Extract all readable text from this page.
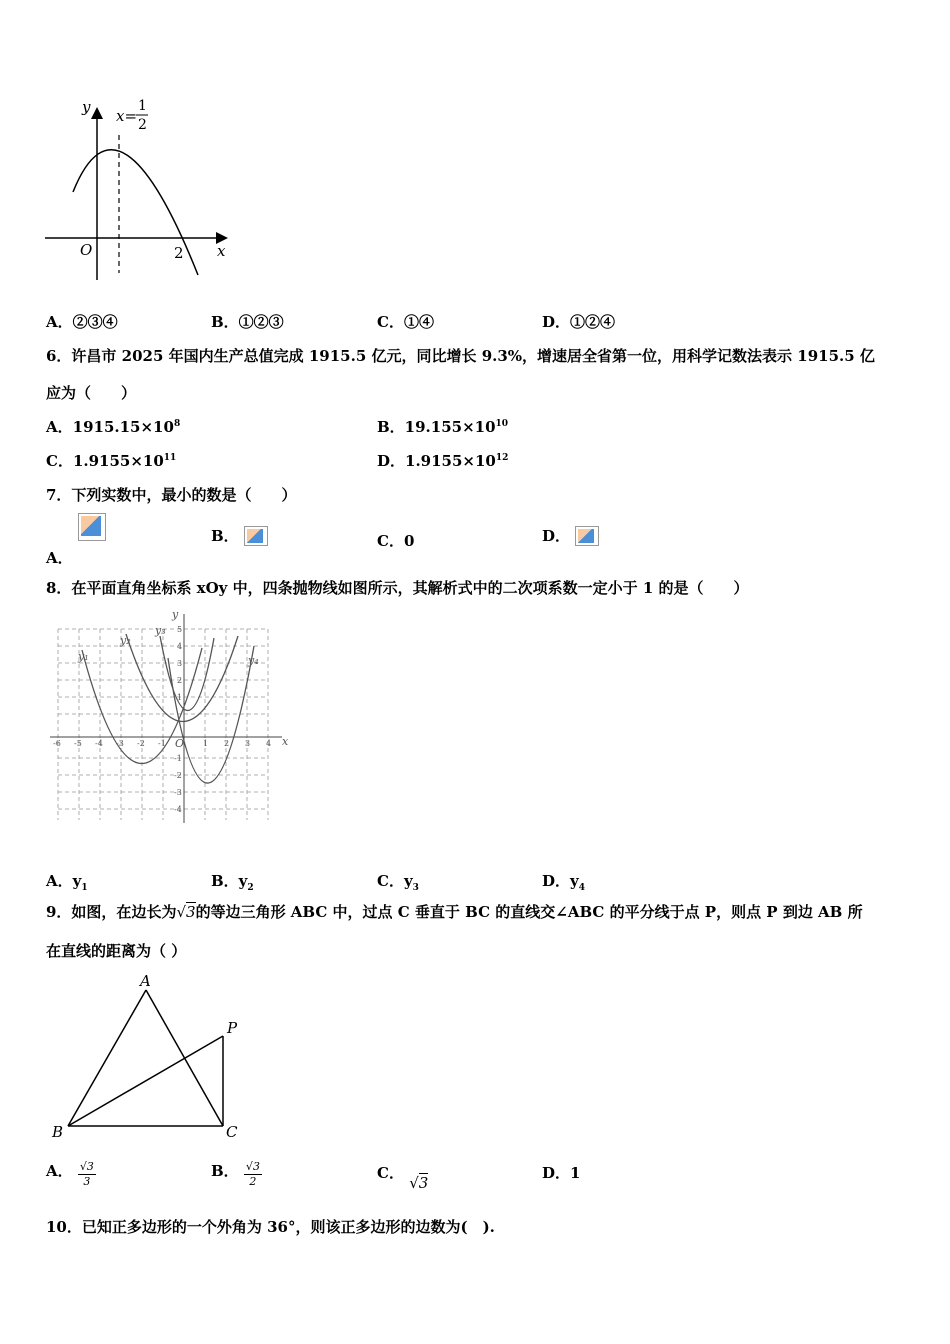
y
x
O	2
x=
1
2
A．②③④	B．①②③	C．①④	D．①②④
6．许昌市 2025 年国内生产总值完成 1915.5 亿元，同比增长 9.3%，增速居全省第一位，用科学记数法表示 1915.5 亿
应为（　　）
A．$1915.15\times 10^8$	B．$19.155\times 10^{10}$
C．$1.9155\times 10^{11}$	D．$1.9155\times 10^{12}$
7．下列实数中，最小的数是（　　）
A．
B．	C．0	D．
8．在平面直角坐标系 xOy 中，四条抛物线如图所示，其解析式中的二次项系数一定小于 1 的是（　　）
-6 -5 -4 -3 -2 -1	1 2 3 4
5
4
3
2
1
-1
-2
-3
-4
y
x
O
y₁
y₂
y₃
y₄
A．$y_1$	B．$y_2$	C．$y_3$	D．$y_4$
9．如图，在边长为√3的等边三角形 ABC 中，过点 C 垂直于 BC 的直线交∠ABC 的平分线于点 P，则点 P 到边 AB 所
在直线的距离为（ ）
A
B	C
P
A． $\frac{√3}{3}$	B． $\frac{√3}{2}$	C． √3
D．1
10．已知正多边形的一个外角为 36°，则该正多边形的边数为(　).
